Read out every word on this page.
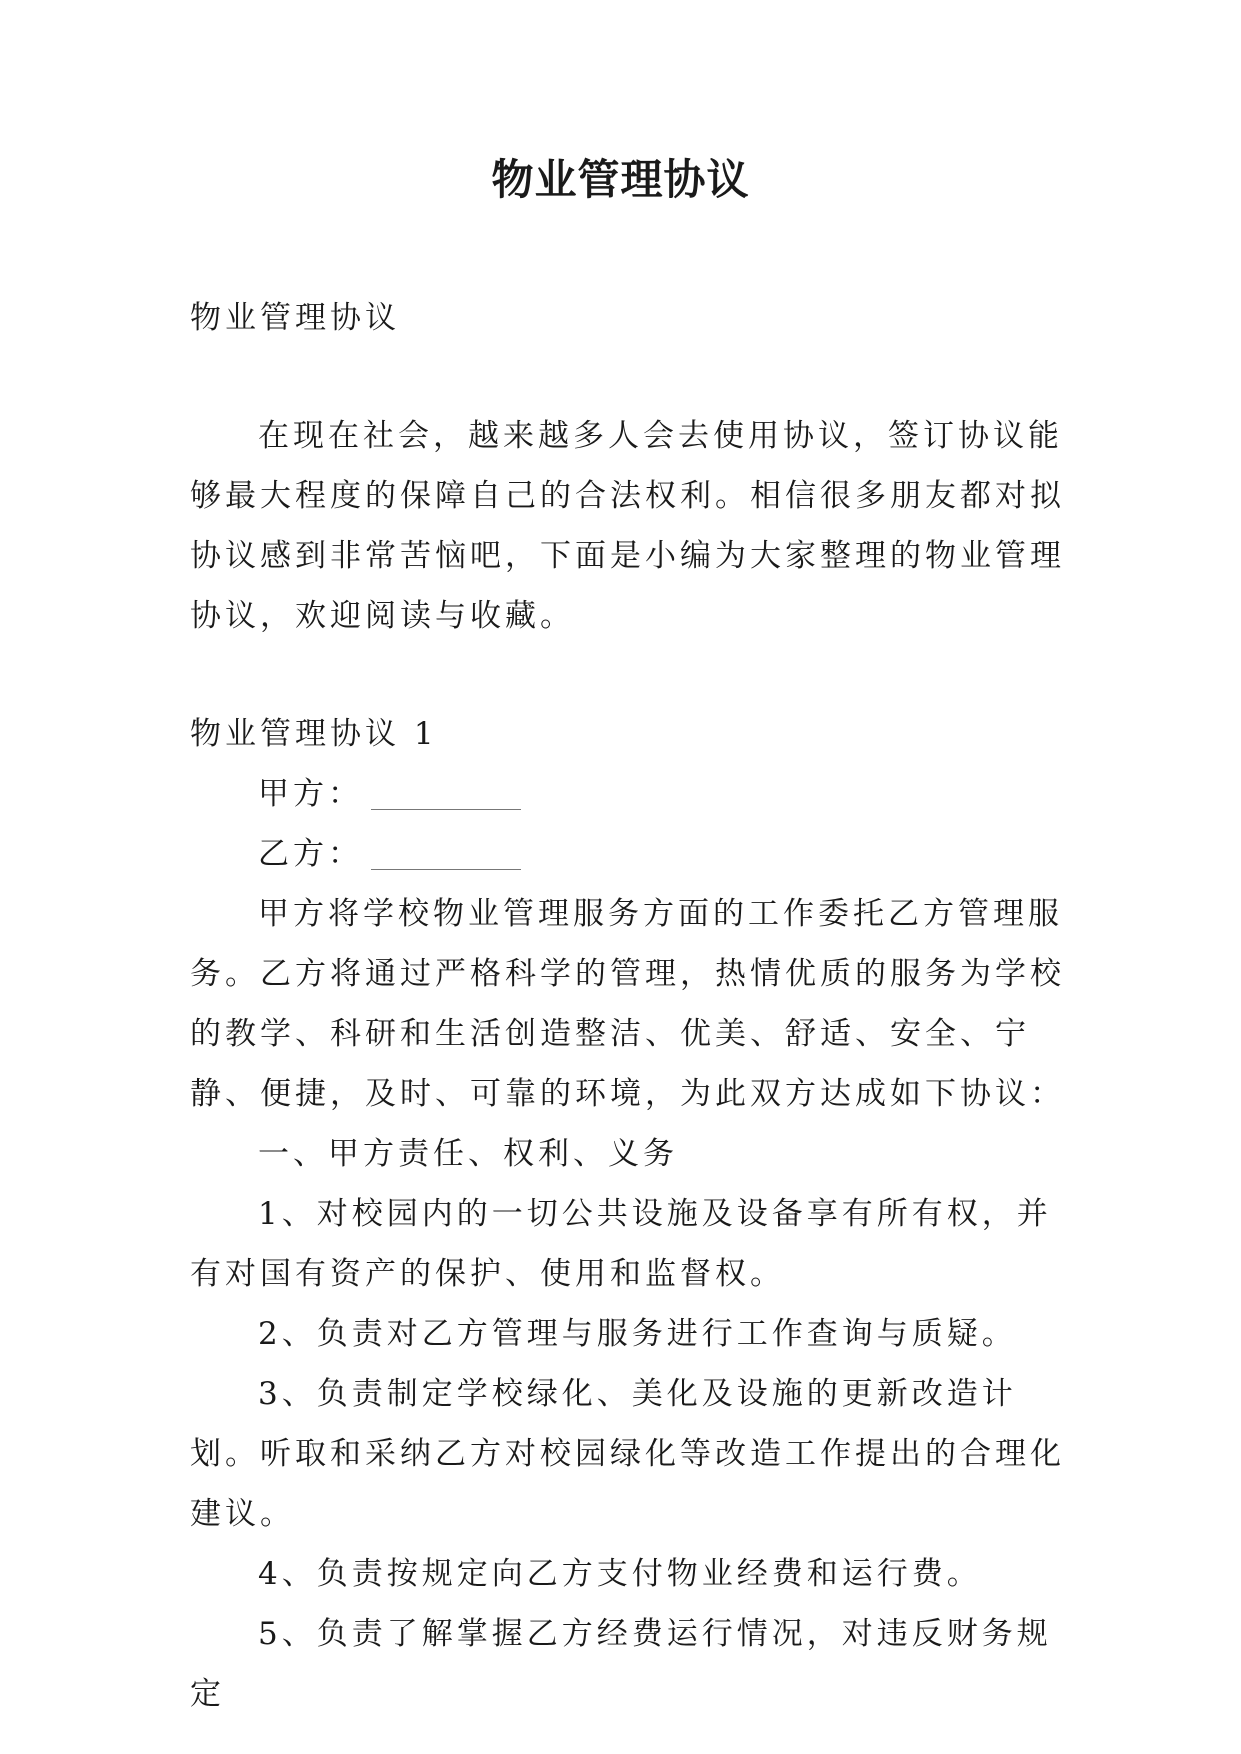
物业管理协议

物业管理协议

在现在社会，越来越多人会去使用协议，签订协议能够最大程度的保障自己的合法权利。相信很多朋友都对拟协议感到非常苦恼吧，下面是小编为大家整理的物业管理协议，欢迎阅读与收藏。

物业管理协议 1

甲方：

乙方：

甲方将学校物业管理服务方面的工作委托乙方管理服务。乙方将通过严格科学的管理，热情优质的服务为学校的教学、科研和生活创造整洁、优美、舒适、安全、宁静、便捷，及时、可靠的环境，为此双方达成如下协议：

一、甲方责任、权利、义务

1、对校园内的一切公共设施及设备享有所有权，并有对国有资产的保护、使用和监督权。

2、负责对乙方管理与服务进行工作查询与质疑。

3、负责制定学校绿化、美化及设施的更新改造计划。听取和采纳乙方对校园绿化等改造工作提出的合理化建议。

4、负责按规定向乙方支付物业经费和运行费。

5、负责了解掌握乙方经费运行情况，对违反财务规定
